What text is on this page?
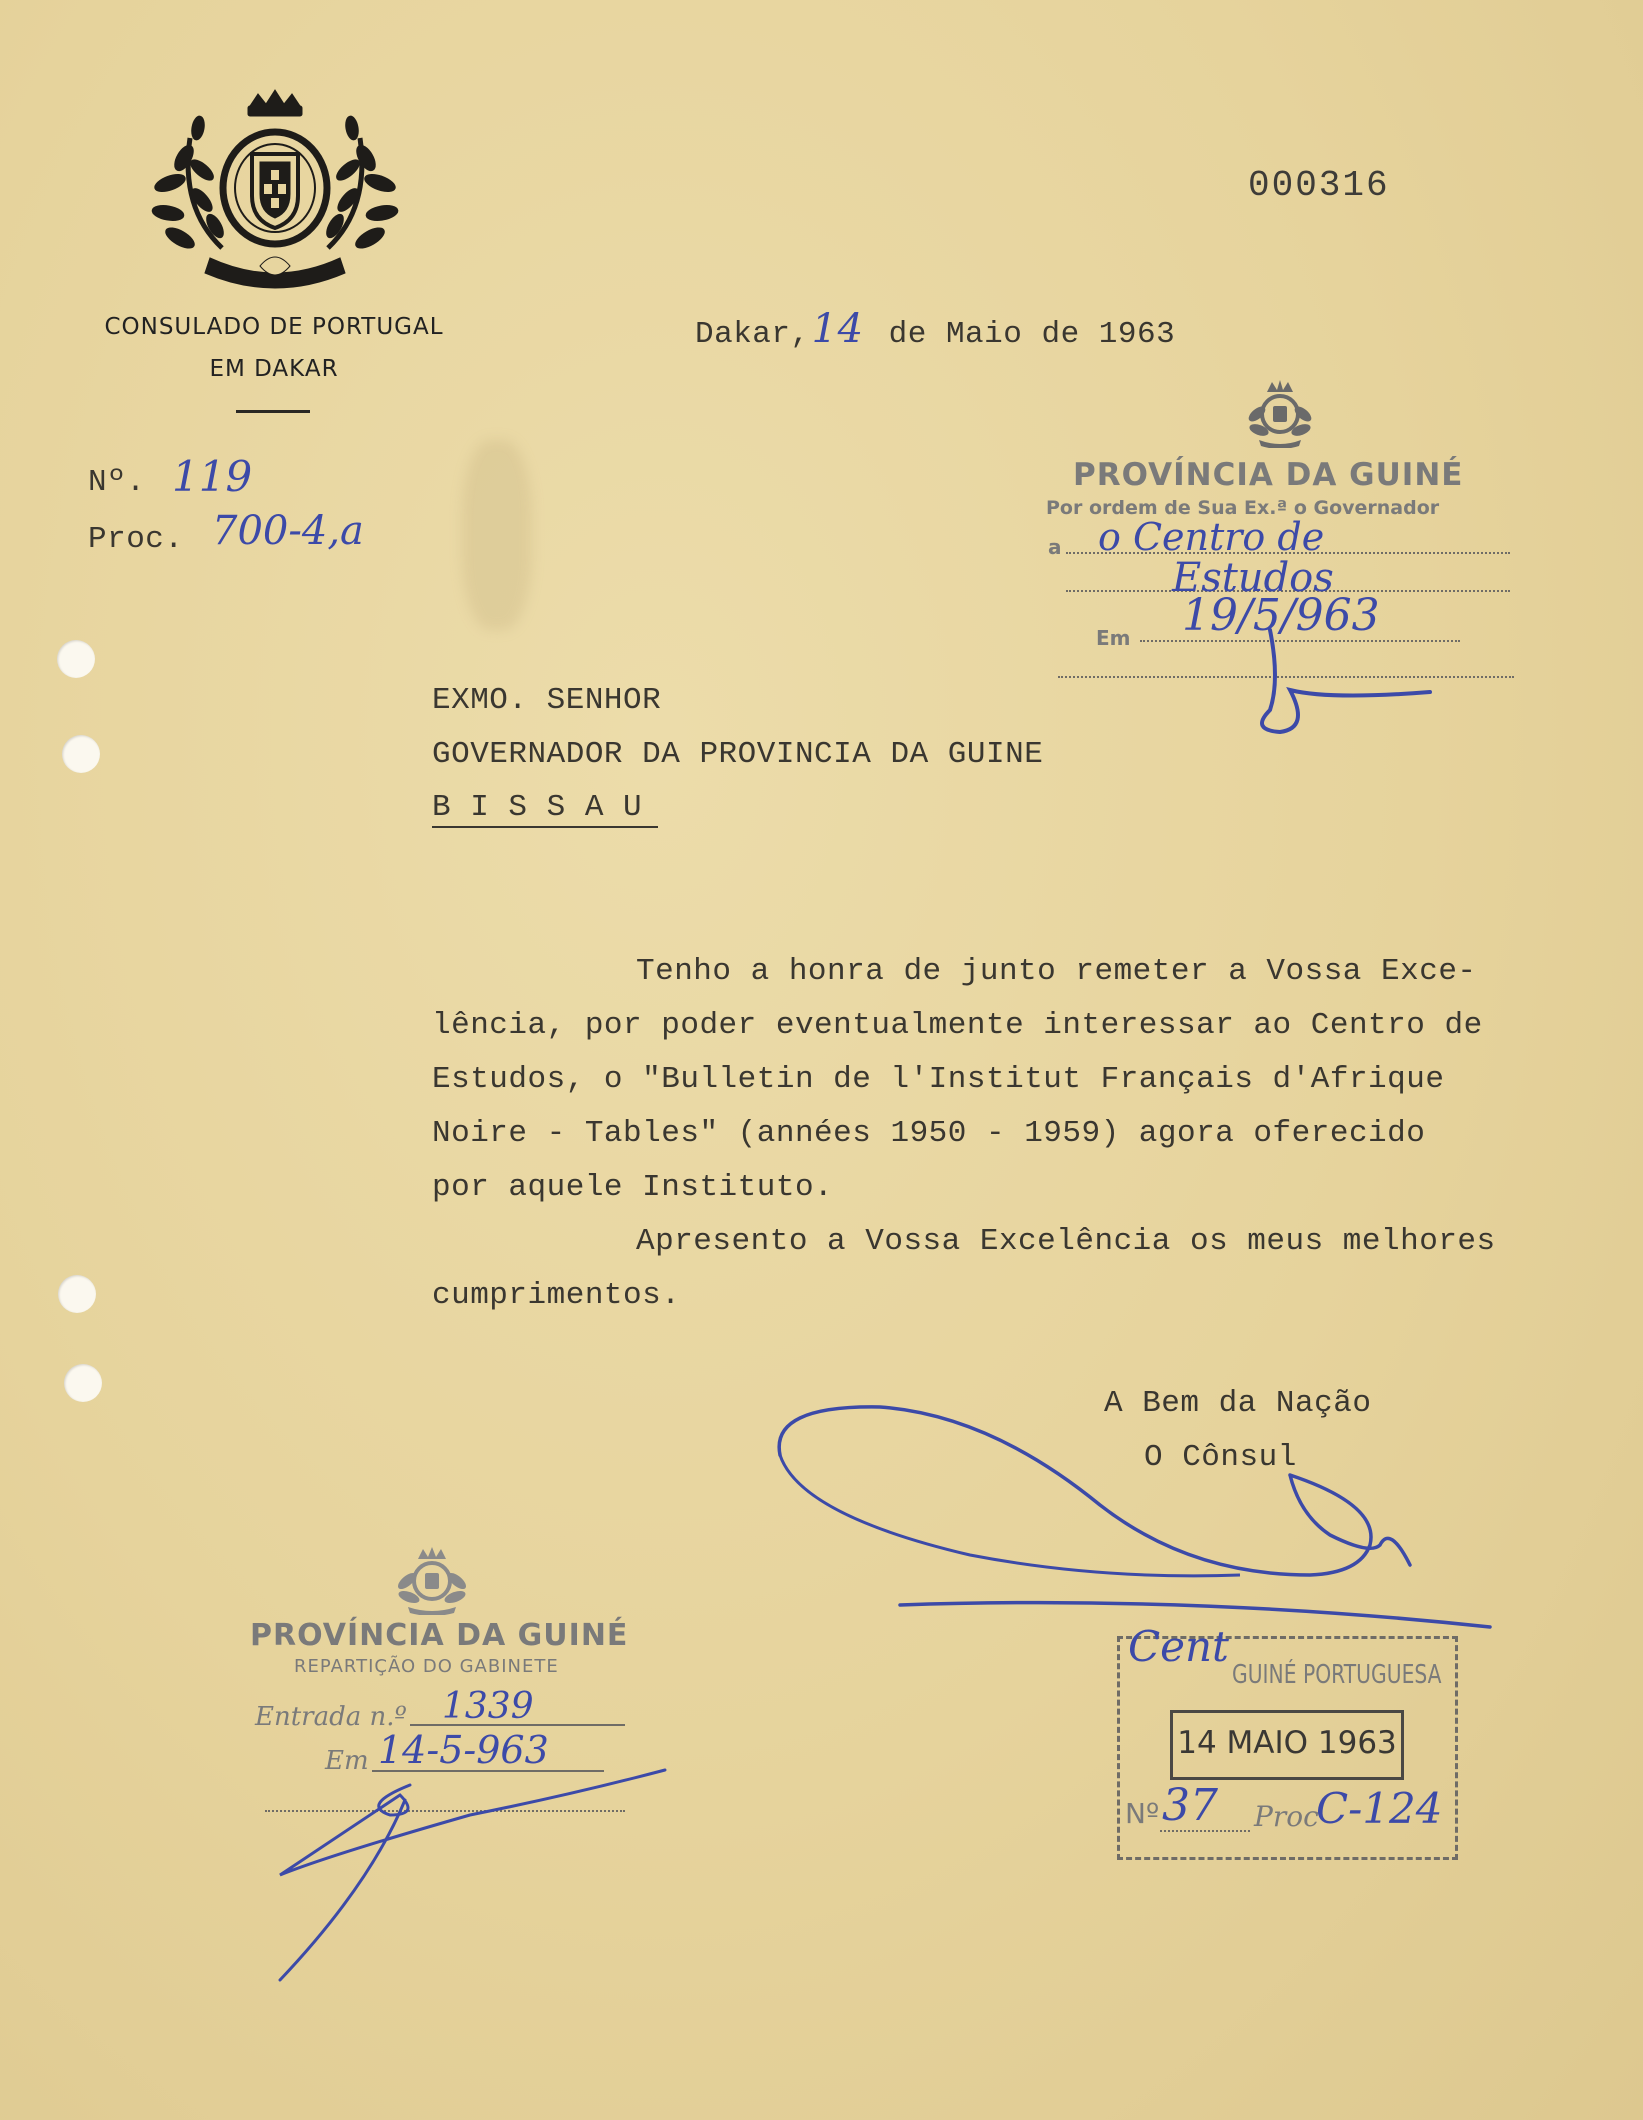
CONSULADO DE PORTUGAL
EM DAKAR
000316
Nº. 119
Proc. 700-4,a
Dakar,14 de Maio de 1963
PROVÍNCIA DA GUINÉ
Por ordem de Sua Ex.ª o Governador
a o Centro de
Estudos
Em 19/5/963
EXMO. SENHOR
GOVERNADOR DA PROVINCIA DA GUINE
B I S S A U
Tenho a honra de junto remeter a Vossa Exce-
lência, por poder eventualmente interessar ao Centro de
Estudos, o "Bulletin de l'Institut Français d'Afrique
Noire - Tables" (années 1950 - 1959) agora oferecido
por aquele Instituto.
Apresento a Vossa Excelência os meus melhores
cumprimentos.
A Bem da Nação
O Cônsul
PROVÍNCIA DA GUINÉ
REPARTIÇÃO DO GABINETE
Entrada n.º 1339
Em 14-5-963
Cent
GUINÉ PORTUGUESA
14 MAIO 1963
Nº 37 Proc
C-124
